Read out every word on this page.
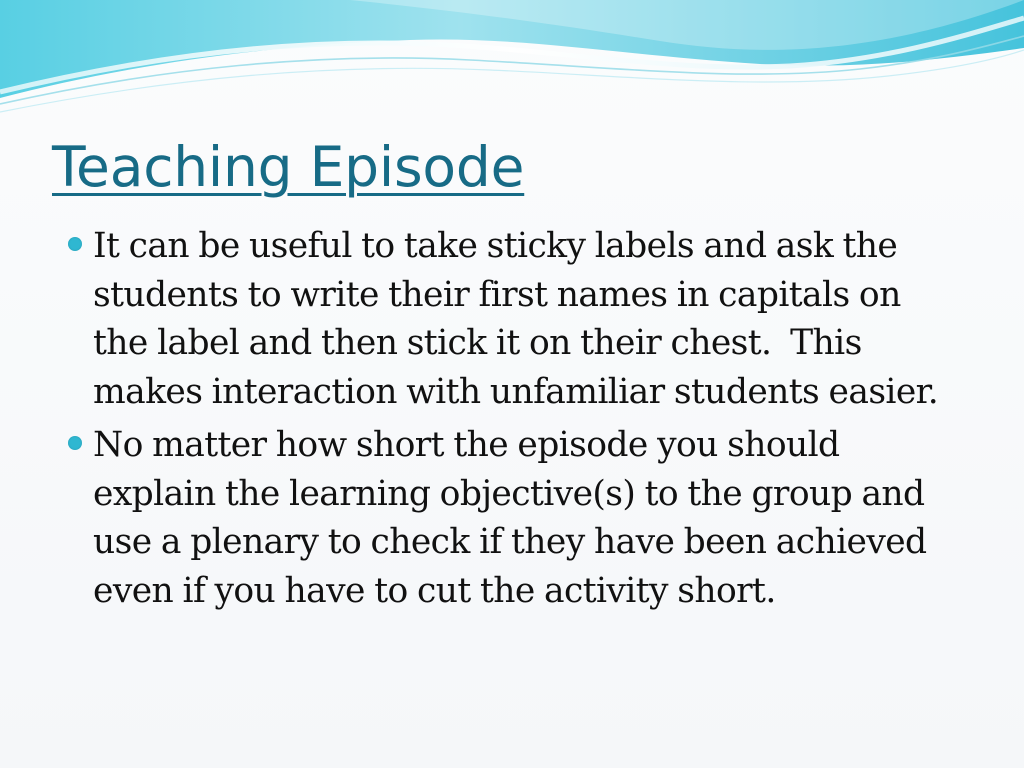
Teaching Episode
It can be useful to take sticky labels and ask the students to write their first names in capitals on the label and then stick it on their chest.  This makes interaction with unfamiliar students easier.
No matter how short the episode you should explain the learning objective(s) to the group and use a plenary to check if they have been achieved even if you have to cut the activity short.
